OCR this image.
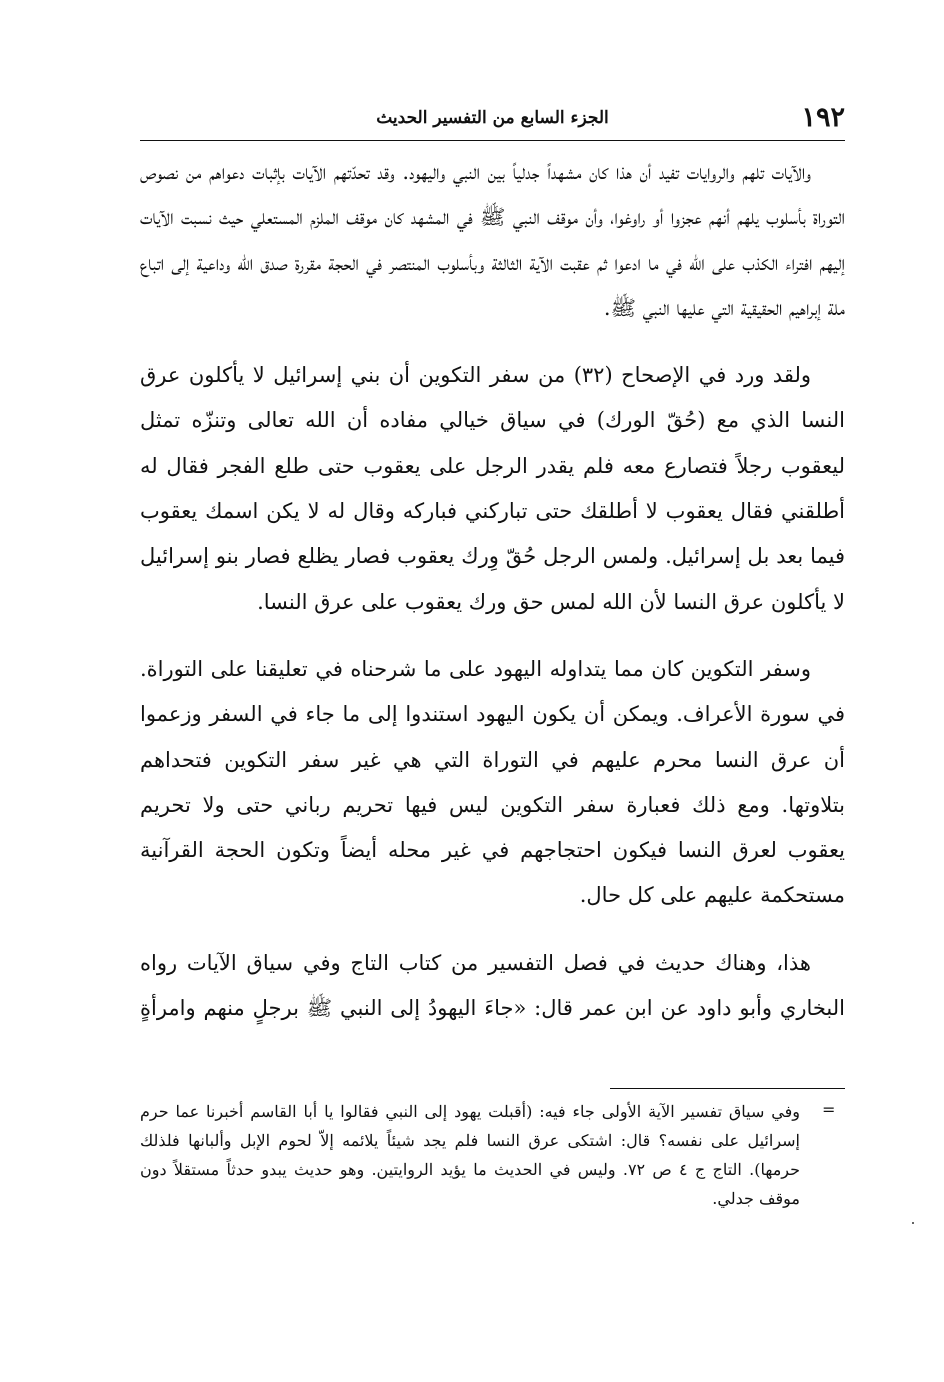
١٩٢
الجزء السابع من التفسير الحديث

والآيات تلهم والروايات تفيد أن هذا كان مشهداً جدلياً بين النبي واليهود. وقد تحدّتهم الآيات بإثبات دعواهم من نصوص التوراة بأسلوب يلهم أنهم عجزوا أو راوغوا، وأن موقف النبي ﷺ في المشهد كان موقف الملزم المستعلي حيث نسبت الآيات إليهم افتراء الكذب على الله في ما ادعوا ثم عقبت الآية الثالثة وبأسلوب المنتصر في الحجة مقررة صدق الله وداعية إلى اتباع ملة إبراهيم الحقيقية التي عليها النبي ﷺ.

ولقد ورد في الإصحاح (٣٢) من سفر التكوين أن بني إسرائيل لا يأكلون عرق النسا الذي مع (حُقّ الورك) في سياق خيالي مفاده أن الله تعالى وتنزّه تمثل ليعقوب رجلاً فتصارع معه فلم يقدر الرجل على يعقوب حتى طلع الفجر فقال له أطلقني فقال يعقوب لا أطلقك حتى تباركني فباركه وقال له لا يكن اسمك يعقوب فيما بعد بل إسرائيل. ولمس الرجل حُقّ وِرك يعقوب فصار يظلع فصار بنو إسرائيل لا يأكلون عرق النسا لأن الله لمس حق ورك يعقوب على عرق النسا.

وسفر التكوين كان مما يتداوله اليهود على ما شرحناه في تعليقنا على التوراة. في سورة الأعراف. ويمكن أن يكون اليهود استندوا إلى ما جاء في السفر وزعموا أن عرق النسا محرم عليهم في التوراة التي هي غير سفر التكوين فتحداهم بتلاوتها. ومع ذلك فعبارة سفر التكوين ليس فيها تحريم رباني حتى ولا تحريم يعقوب لعرق النسا فيكون احتجاجهم في غير محله أيضاً وتكون الحجة القرآنية مستحكمة عليهم على كل حال.

هذا، وهناك حديث في فصل التفسير من كتاب التاج وفي سياق الآيات رواه البخاري وأبو داود عن ابن عمر قال: «جاءَ اليهودُ إلى النبي ﷺ برجلٍ منهم وامرأةٍ

=
وفي سياق تفسير الآية الأولى جاء فيه: (أقبلت يهود إلى النبي فقالوا يا أبا القاسم أخبرنا عما حرم إسرائيل على نفسه؟ قال: اشتكى عرق النسا فلم يجد شيئاً يلائمه إلاّ لحوم الإبل وألبانها فلذلك حرمها). التاج ج ٤ ص ٧٢. وليس في الحديث ما يؤيد الروايتين. وهو حديث يبدو حدثاً مستقلاً دون موقف جدلي.
